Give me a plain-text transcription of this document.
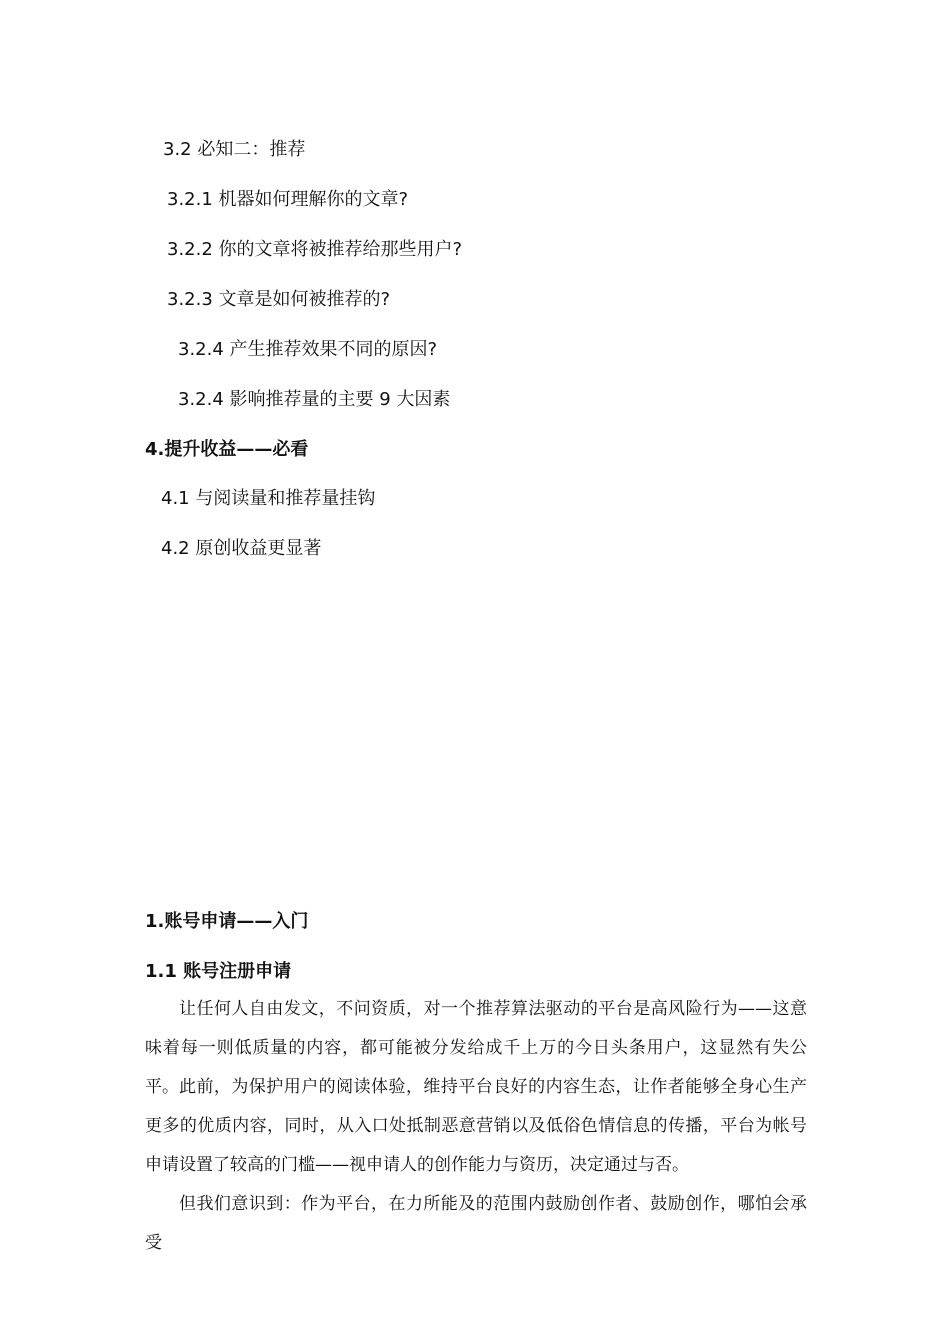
3.2 必知二：推荐
3.2.1 机器如何理解你的文章?
3.2.2 你的文章将被推荐给那些用户?
3.2.3 文章是如何被推荐的?
3.2.4 产生推荐效果不同的原因?
3.2.4 影响推荐量的主要 9 大因素
4.提升收益——必看
4.1 与阅读量和推荐量挂钩
4.2 原创收益更显著
1.账号申请——入门
1.1 账号注册申请
让任何人自由发文，不问资质，对一个推荐算法驱动的平台是高风险行为——这意味着每一则低质量的内容，都可能被分发给成千上万的今日头条用户，这显然有失公平。 此前，为保护用户的阅读体验，维持平台良好的内容生态，让作者能够全身心生产更多的优质内容，同时，从入口处抵制恶意营销以及低俗色情信息的传播，平台为帐号申请设置了较高的门槛——视申请人的创作能力与资历，决定通过与否。
但我们意识到：作为平台，在力所能及的范围内鼓励创作者、鼓励创作，哪怕会承受
